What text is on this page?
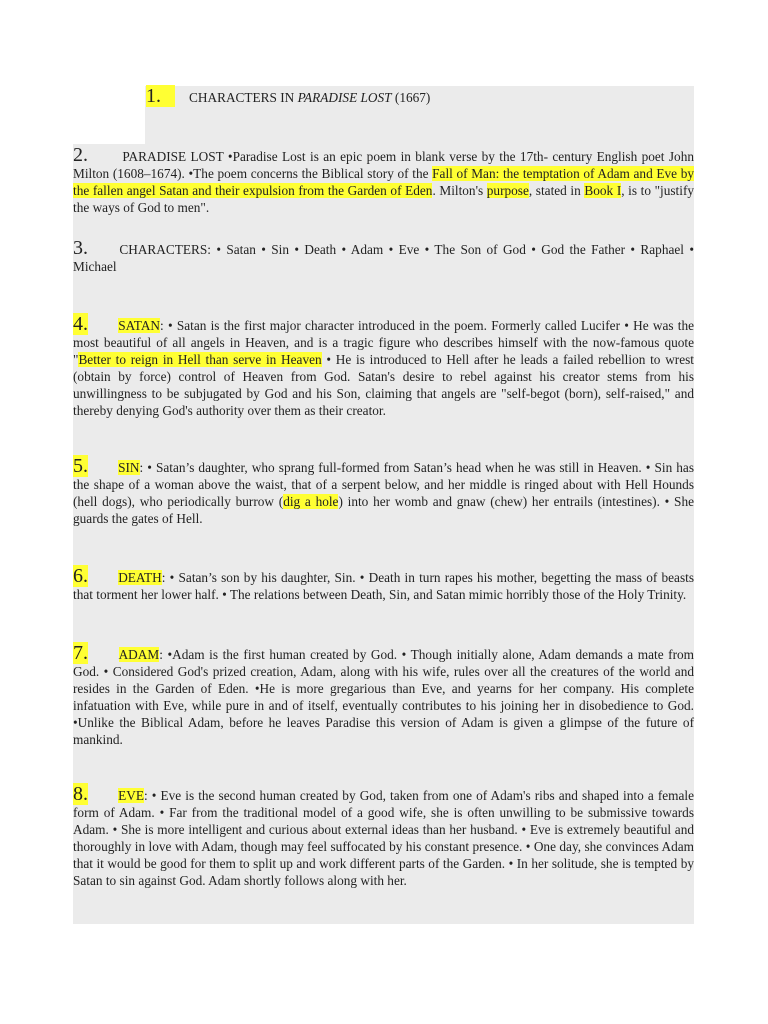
1. CHARACTERS IN PARADISE LOST (1667)
2.	PARADISE LOST •Paradise Lost is an epic poem in blank verse by the 17th- century English poet John Milton (1608–1674). •The poem concerns the Biblical story of the Fall of Man: the temptation of Adam and Eve by the fallen angel Satan and their expulsion from the Garden of Eden. Milton's purpose, stated in Book I, is to "justify the ways of God to men".
3. CHARACTERS: • Satan • Sin • Death • Adam • Eve • The Son of God • God the Father • Raphael • Michael
4. SATAN: • Satan is the first major character introduced in the poem. Formerly called Lucifer • He was the most beautiful of all angels in Heaven, and is a tragic figure who describes himself with the now-famous quote "Better to reign in Hell than serve in Heaven • He is introduced to Hell after he leads a failed rebellion to wrest (obtain by force) control of Heaven from God. Satan's desire to rebel against his creator stems from his unwillingness to be subjugated by God and his Son, claiming that angels are "self-begot (born), self-raised," and thereby denying God's authority over them as their creator.
5. SIN: • Satan’s daughter, who sprang full-formed from Satan’s head when he was still in Heaven. • Sin has the shape of a woman above the waist, that of a serpent below, and her middle is ringed about with Hell Hounds (hell dogs), who periodically burrow (dig a hole) into her womb and gnaw (chew) her entrails (intestines). • She guards the gates of Hell.
6. DEATH: • Satan’s son by his daughter, Sin. • Death in turn rapes his mother, begetting the mass of beasts that torment her lower half. • The relations between Death, Sin, and Satan mimic horribly those of the Holy Trinity.
7. ADAM: •Adam is the first human created by God. • Though initially alone, Adam demands a mate from God. • Considered God's prized creation, Adam, along with his wife, rules over all the creatures of the world and resides in the Garden of Eden. •He is more gregarious than Eve, and yearns for her company. His complete infatuation with Eve, while pure in and of itself, eventually contributes to his joining her in disobedience to God. •Unlike the Biblical Adam, before he leaves Paradise this version of Adam is given a glimpse of the future of mankind.
8. EVE: • Eve is the second human created by God, taken from one of Adam's ribs and shaped into a female form of Adam. • Far from the traditional model of a good wife, she is often unwilling to be submissive towards Adam. • She is more intelligent and curious about external ideas than her husband. • Eve is extremely beautiful and thoroughly in love with Adam, though may feel suffocated by his constant presence. • One day, she convinces Adam that it would be good for them to split up and work different parts of the Garden. • In her solitude, she is tempted by Satan to sin against God. Adam shortly follows along with her.
